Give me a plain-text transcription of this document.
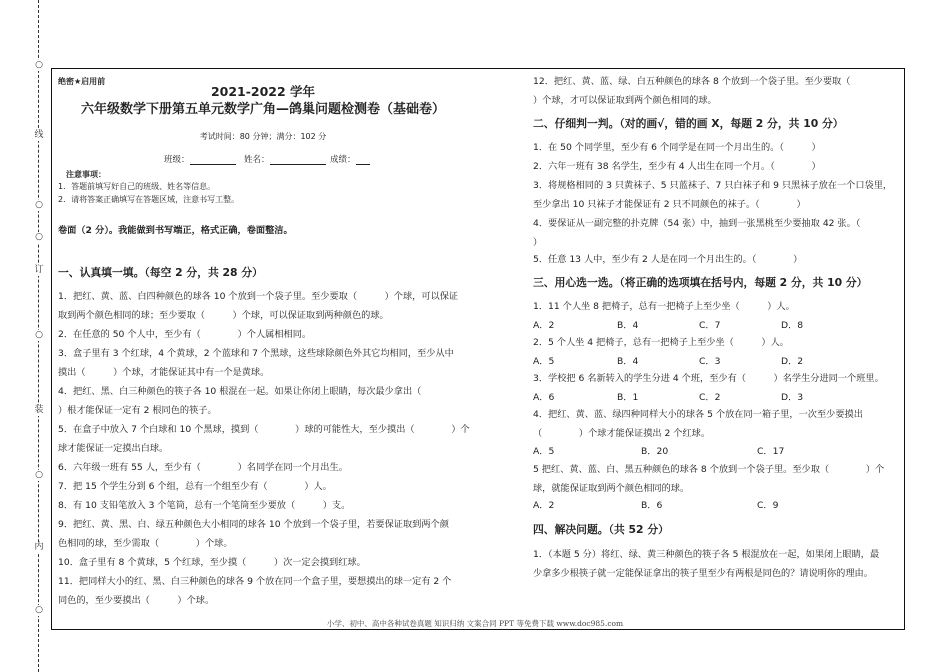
○
线
○
○
订
○
装
○
内
○
绝密★启用前
2021-2022 学年
六年级数学下册第五单元数学广角—鸽巢问题检测卷（基础卷）
考试时间：80 分钟；满分：102 分
班级：	姓名：	成绩：
注意事项：
1．答题前填写好自己的班级、姓名等信息。
2．请将答案正确填写在答题区域，注意书写工整。
卷面（2 分）。我能做到书写端正，格式正确，卷面整洁。
一、认真填一填。（每空 2 分，共 28 分）
1．把红、黄、蓝、白四种颜色的球各 10 个放到一个袋子里。至少要取（　　　）个球，可以保证
取到两个颜色相同的球；至少要取（　　　）个球，可以保证取到两种颜色的球。
2．在任意的 50 个人中，至少有（　　　　）个人属相相同。
3．盒子里有 3 个红球，4 个黄球，2 个蓝球和 7 个黑球，这些球除颜色外其它均相同，至少从中
摸出（　　　）个球，才能保证其中有一个是黄球。
4．把红、黑、白三种颜色的筷子各 10 根混在一起。如果让你闭上眼睛，每次最少拿出（
）根才能保证一定有 2 根同色的筷子。
5．在盒子中放入 7 个白球和 10 个黑球，摸到（　　　　）球的可能性大，至少摸出（　　　　）个
球才能保证一定摸出白球。
6．六年级一班有 55 人，至少有（　　　　）名同学在同一个月出生。
7．把 15 个学生分到 6 个组，总有一个组至少有（　　　　）人。
8．有 10 支铅笔放入 3 个笔筒，总有一个笔筒至少要放（　　　）支。
9．把红、黄、黑、白、绿五种颜色大小相同的球各 10 个放到一个袋子里，若要保证取到两个颜
色相同的球，至少需取（　　　　）个球。
10．盒子里有 8 个黄球，5 个红球，至少摸（　　　）次一定会摸到红球。
11．把同样大小的红、黑、白三种颜色的球各 9 个放在同一个盒子里，要想摸出的球一定有 2 个
同色的，至少要摸出（　　　）个球。
12．把红、黄、蓝、绿、白五种颜色的球各 8 个放到一个袋子里。至少要取（
）个球，才可以保证取到两个颜色相同的球。
二、仔细判一判。（对的画√，错的画 X，每题 2 分，共 10 分）
1．在 50 个同学里，至少有 6 个同学是在同一个月出生的。（　　　）
2．六年一班有 38 名学生，至少有 4 人出生在同一个月。（　　　　）
3．将规格相同的 3 只黄袜子、5 只蓝袜子、7 只白袜子和 9 只黑袜子放在一个口袋里，
至少拿出 10 只袜子才能保证有 2 只不同颜色的袜子。（　　　　）
4．要保证从一副完整的扑克牌（54 张）中，抽到一张黑桃至少要抽取 42 张。（　　　
）
5．任意 13 人中，至少有 2 人是在同一个月出生的。（　　　　）
三、用心选一选。（将正确的选项填在括号内，每题 2 分，共 10 分）
1．11 个人坐 8 把椅子，总有一把椅子上至少坐（　　　）人。
A．2	B．4	C．7	D．8
2．5 个人坐 4 把椅子，总有一把椅子上至少坐（　　　）人。
A．5	B．4	C．3	D．2
3．学校把 6 名新转入的学生分进 4 个班，至少有（　　　）名学生分进同一个班里。
A．6	B．1	C．2	D．3
4．把红、黄、蓝、绿四种同样大小的球各 5 个放在同一箱子里，一次至少要摸出
（　　　　）个球才能保证摸出 2 个红球。
A．5	B．20	C．17
5 把红、黄、蓝、白、黑五种颜色的球各 8 个放到一个袋子里。至少取（　　　　）个
球，就能保证取到两个颜色相同的球。
A．2	B．6	C．9
四、解决问题。（共 52 分）
1．（本题 5 分）将红、绿、黄三种颜色的筷子各 5 根混放在一起，如果闭上眼睛，最
少拿多少根筷子就一定能保证拿出的筷子里至少有两根是同色的？请说明你的理由。
小学、初中、高中各种试卷真题 知识归纳 文案合同 PPT 等免费下载 www.doc985.com
